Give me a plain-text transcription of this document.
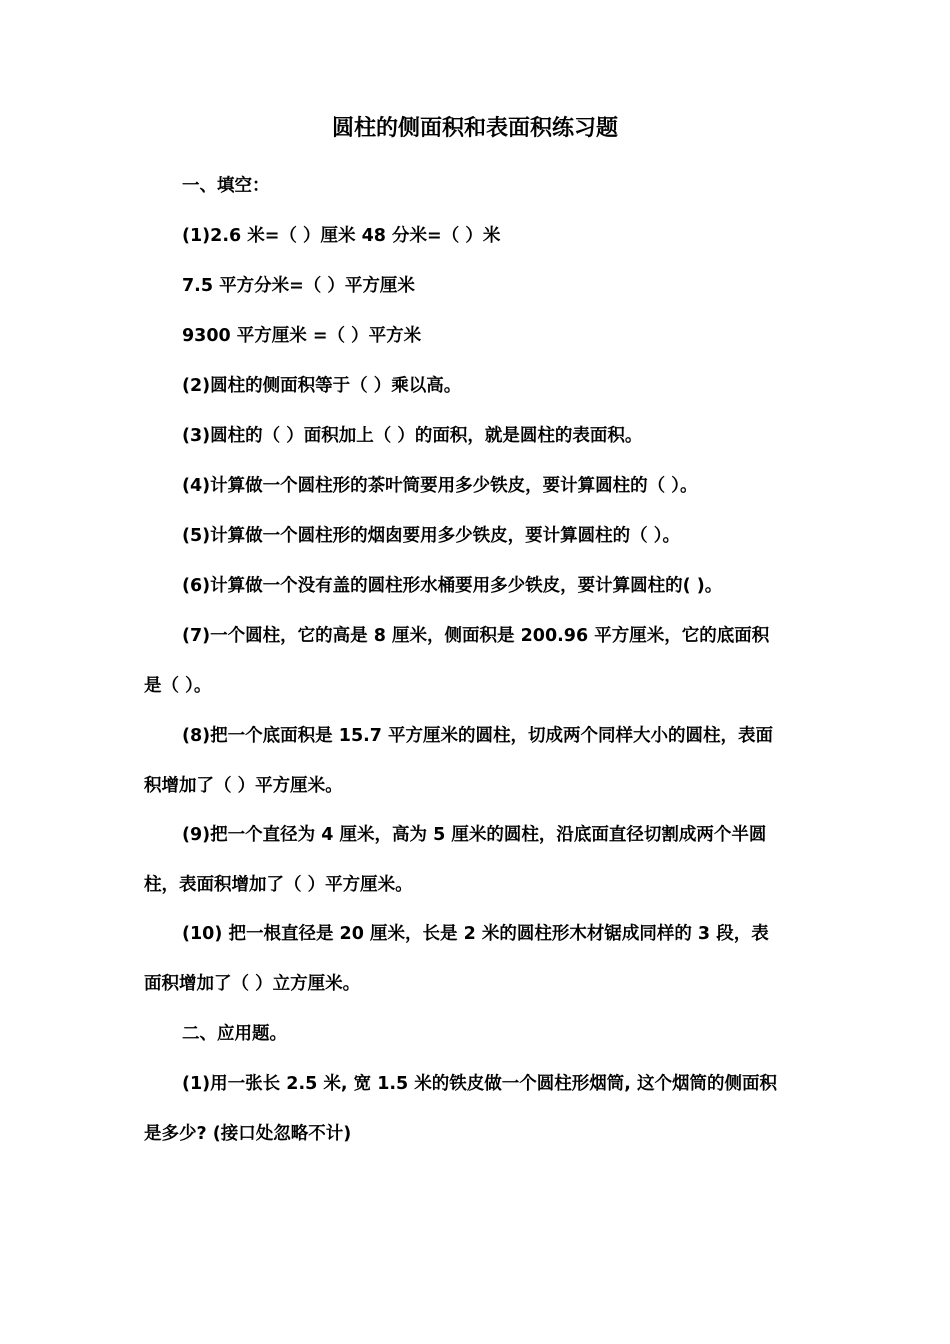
圆柱的侧面积和表面积练习题
一、填空：
(1)2.6 米=（ ）厘米 48 分米=（ ）米
7.5 平方分米=（ ）平方厘米
9300 平方厘米 =（ ）平方米
(2)圆柱的侧面积等于（ ）乘以高。
(3)圆柱的（ ）面积加上（ ）的面积，就是圆柱的表面积。
(4)计算做一个圆柱形的茶叶筒要用多少铁皮，要计算圆柱的（ ）。
(5)计算做一个圆柱形的烟囱要用多少铁皮，要计算圆柱的（ ）。
(6)计算做一个没有盖的圆柱形水桶要用多少铁皮，要计算圆柱的( )。
(7)一个圆柱，它的高是 8 厘米，侧面积是 200.96 平方厘米，它的底面积
是（ ）。
(8)把一个底面积是 15.7 平方厘米的圆柱，切成两个同样大小的圆柱，表面
积增加了（ ）平方厘米。
(9)把一个直径为 4 厘米，高为 5 厘米的圆柱，沿底面直径切割成两个半圆
柱，表面积增加了（ ）平方厘米。
(10) 把一根直径是 20 厘米，长是 2 米的圆柱形木材锯成同样的 3 段，表
面积增加了（ ）立方厘米。
二、应用题。
(1)用一张长 2.5 米, 宽 1.5 米的铁皮做一个圆柱形烟筒, 这个烟筒的侧面积
是多少? (接口处忽略不计)
